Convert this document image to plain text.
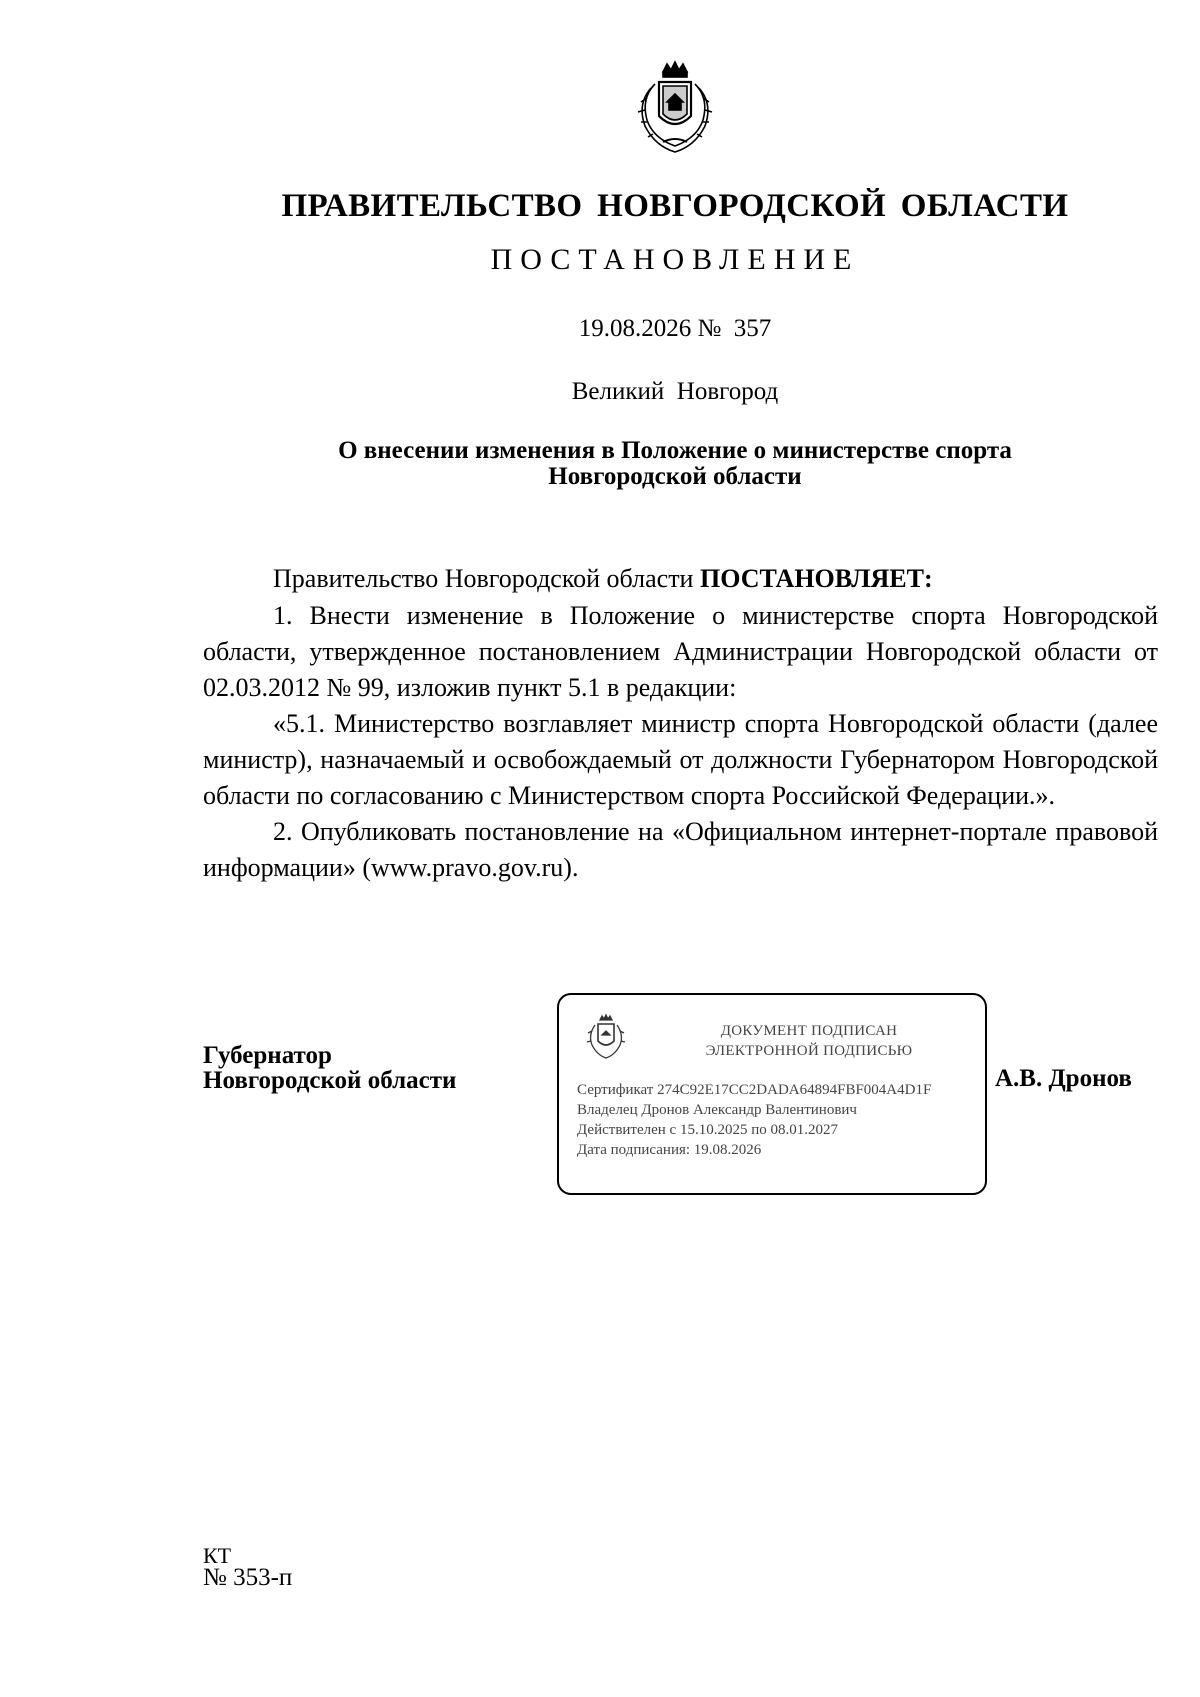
ПРАВИТЕЛЬСТВО НОВГОРОДСКОЙ ОБЛАСТИ
ПОСТАНОВЛЕНИЕ
19.08.2026 №  357
Великий  Новгород
О внесении изменения в Положение о министерстве спорта
Новгородской области

Правительство Новгородской области ПОСТАНОВЛЯЕТ:

1. Внести изменение в Положение о министерстве спорта Новгородской области, утвержденное постановлением Администрации Новгородской области от 02.03.2012 № 99, изложив пункт 5.1 в редакции:

«5.1. Министерство возглавляет министр спорта Новгородской области (далее министр), назначаемый и освобождаемый от должности Губернатором Новгородской области по согласованию с Министерством спорта Российской Федерации.».

2. Опубликовать постановление на «Официальном интернет-портале правовой информации» (www.pravo.gov.ru).

Губернатор
Новгородской области
ДОКУМЕНТ ПОДПИСАН
ЭЛЕКТРОННОЙ ПОДПИСЬЮ
Сертификат 274C92E17CC2DADA64894FBF004A4D1F
Владелец Дронов Александр Валентинович
Действителен с 15.10.2025 по 08.01.2027
Дата подписания: 19.08.2026
А.В. Дронов
КТ
№ 353-п
